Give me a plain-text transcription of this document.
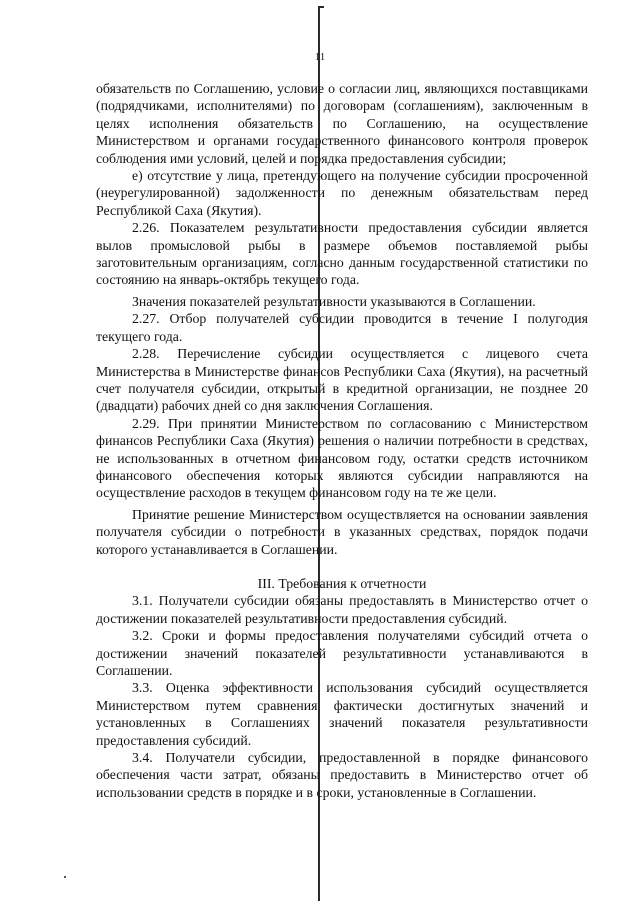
11

обязательств по Соглашению, условие о согласии лиц, являющихся поставщиками (подрядчиками, исполнителями) по договорам (соглашениям), заключенным в целях исполнения обязательств по Соглашению, на осуществление Министерством и органами государственного финансового контроля проверок соблюдения ими условий, целей и порядка предоставления субсидии;

е) отсутствие у лица, претендующего на получение субсидии просроченной (неурегулированной) задолженности по денежным обязательствам перед Республикой Саха (Якутия).

2.26. Показателем результативности предоставления субсидии является вылов промысловой рыбы в размере объемов поставляемой рыбы заготовительным организациям, согласно данным государственной статистики по состоянию на январь-октябрь текущего года.

Значения показателей результативности указываются в Соглашении.

2.27. Отбор получателей субсидии проводится в течение I полугодия текущего года.

2.28. Перечисление субсидии осуществляется с лицевого счета Министерства в Министерстве финансов Республики Саха (Якутия), на расчетный счет получателя субсидии, открытый в кредитной организации, не позднее 20 (двадцати) рабочих дней со дня заключения Соглашения.

2.29. При принятии Министерством по согласованию с Министерством финансов Республики Саха (Якутия) решения о наличии потребности в средствах, не использованных в отчетном финансовом году, остатки средств источником финансового обеспечения которых являются субсидии направляются на осуществление расходов в текущем финансовом году на те же цели.

Принятие решение Министерством осуществляется на основании заявления получателя субсидии о потребности в указанных средствах, порядок подачи которого устанавливается в Соглашении.

III. Требования к отчетности

3.1. Получатели субсидии обязаны предоставлять в Министерство отчет о достижении показателей результативности предоставления субсидий.

3.2. Сроки и формы предоставления получателями субсидий отчета о достижении значений показателей результативности устанавливаются в Соглашении.

3.3. Оценка эффективности использования субсидий осуществляется Министерством путем сравнения фактически достигнутых значений и установленных в Соглашениях значений показателя результативности предоставления субсидий.

3.4. Получатели субсидии, предоставленной в порядке финансового обеспечения части затрат, обязаны предоставить в Министерство отчет об использовании средств в порядке и в сроки, установленные в Соглашении.
